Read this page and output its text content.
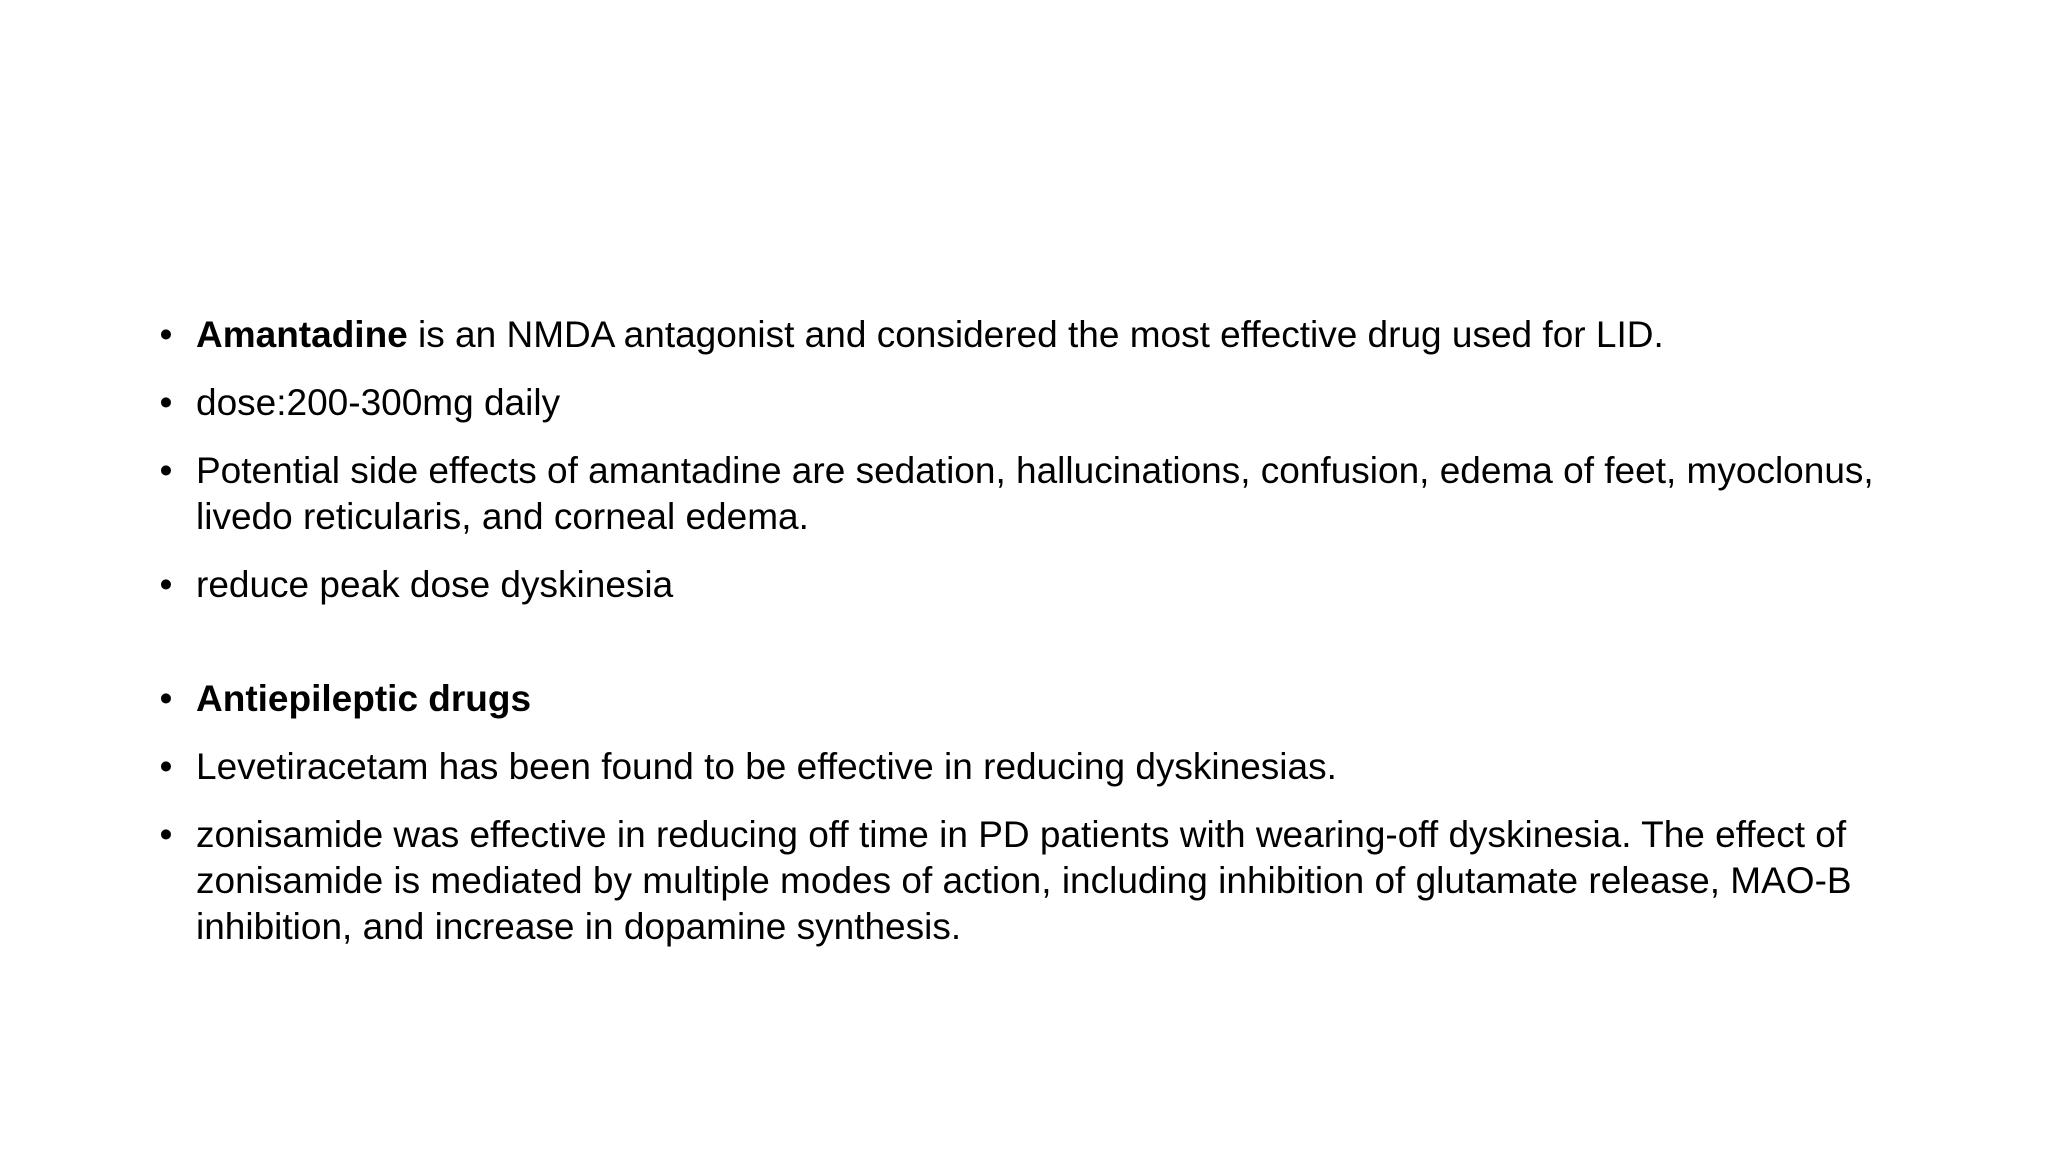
• Amantadine is an NMDA antagonist and considered the most effective drug used for LID.
• dose:200-300mg daily
• Potential side effects of amantadine are sedation, hallucinations, confusion, edema of feet, myoclonus, livedo reticularis, and corneal edema.
• reduce peak dose dyskinesia
• Antiepileptic drugs
• Levetiracetam has been found to be effective in reducing dyskinesias.
• zonisamide was effective in reducing off time in PD patients with wearing-off dyskinesia. The effect of zonisamide is mediated by multiple modes of action, including inhibition of glutamate release, MAO-B inhibition, and increase in dopamine synthesis.
